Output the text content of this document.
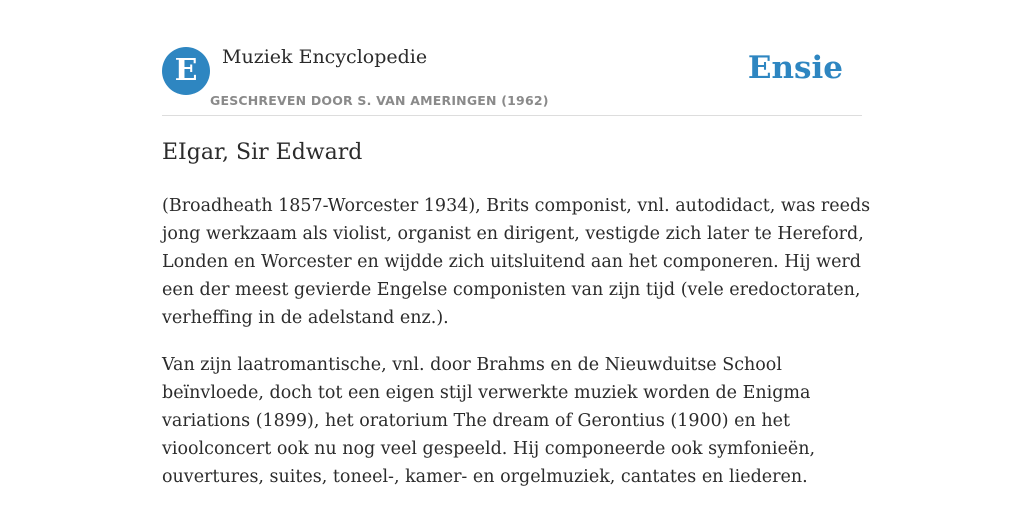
E Muziek Encyclopedie
GESCHREVEN DOOR S. VAN AMERINGEN (1962)
Ensie
EIgar, Sir Edward

(Broadheath 1857-Worcester 1934), Brits componist, vnl. autodidact, was reeds
jong werkzaam als violist, organist en dirigent, vestigde zich later te Hereford,
Londen en Worcester en wijdde zich uitsluitend aan het componeren. Hij werd
een der meest gevierde Engelse componisten van zijn tijd (vele eredoctoraten,
verheffing in de adelstand enz.).

Van zijn laatromantische, vnl. door Brahms en de Nieuwduitse School
beïnvloede, doch tot een eigen stijl verwerkte muziek worden de Enigma
variations (1899), het oratorium The dream of Gerontius (1900) en het
vioolconcert ook nu nog veel gespeeld. Hij componeerde ook symfonieën,
ouvertures, suites, toneel-, kamer- en orgelmuziek, cantates en liederen.
